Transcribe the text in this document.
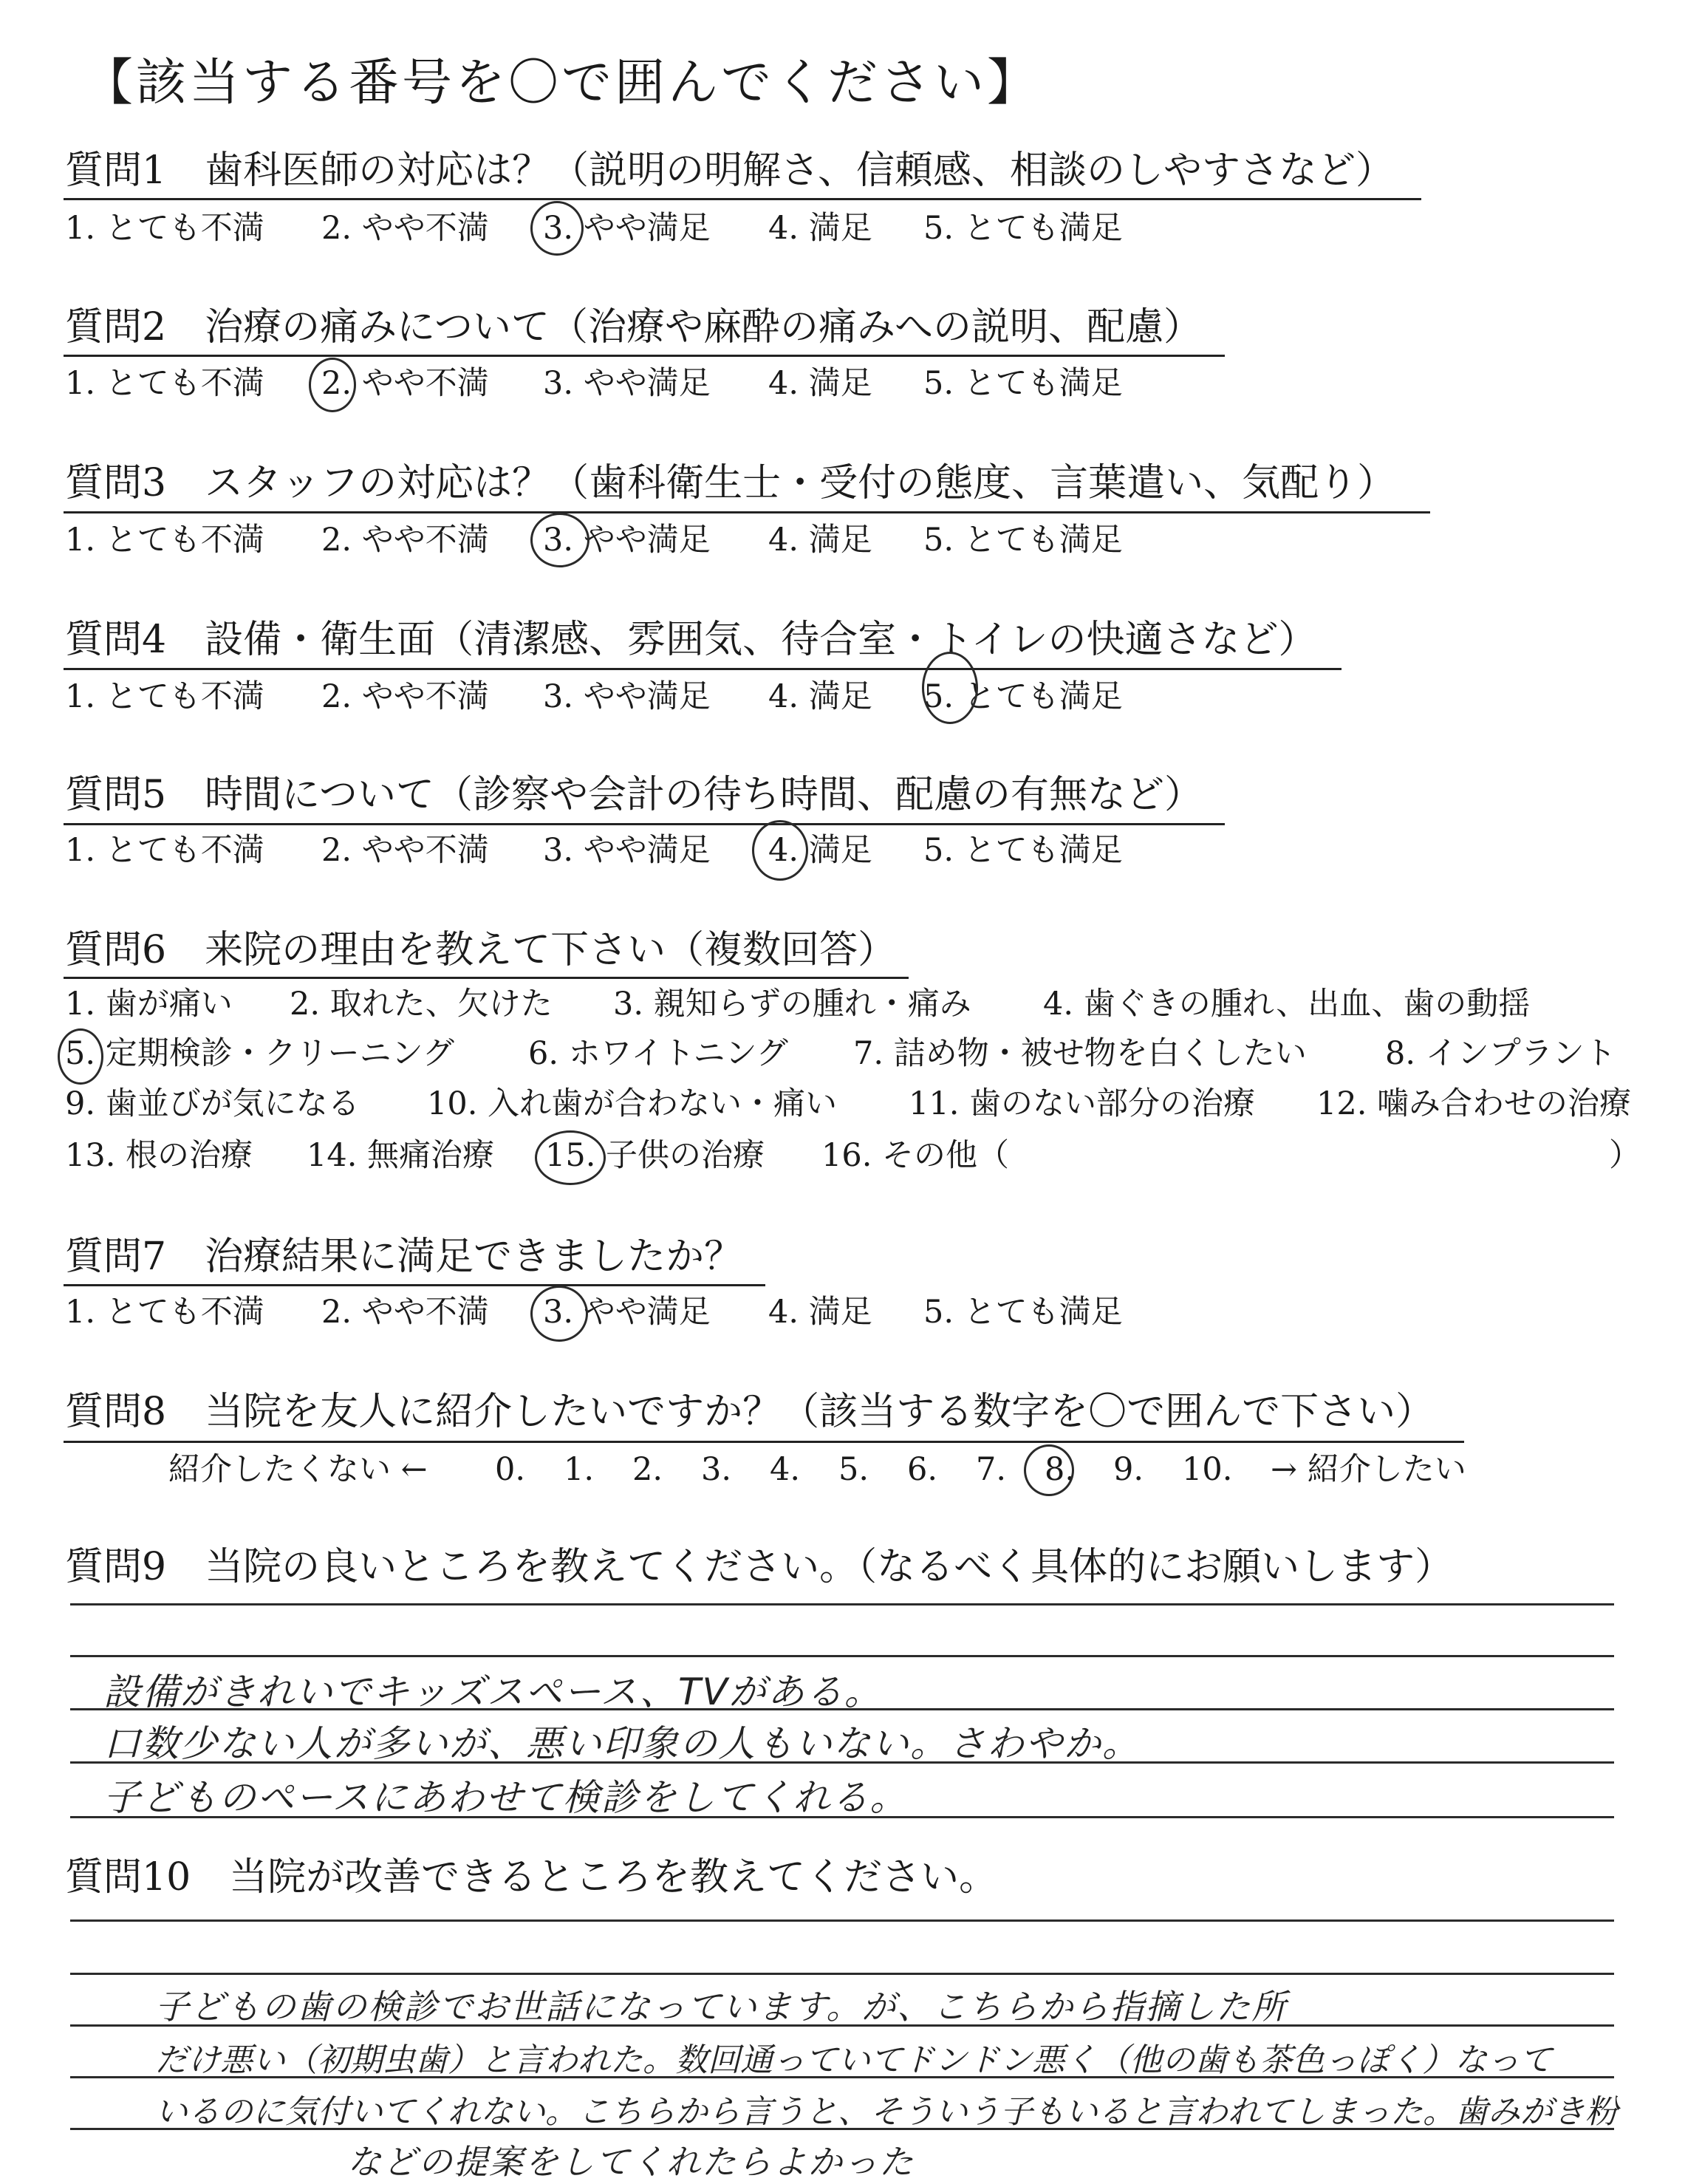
【該当する番号を〇で囲んでください】
質問1　歯科医師の対応は？（説明の明解さ、信頼感、相談のしやすさなど）
1. とても不満 2. やや不満 3. やや満足 4. 満足 5. とても満足
質問2　治療の痛みについて（治療や麻酔の痛みへの説明、配慮）
1. とても不満 2. やや不満 3. やや満足 4. 満足 5. とても満足
質問3　スタッフの対応は？（歯科衛生士・受付の態度、言葉遣い、気配り）
1. とても不満 2. やや不満 3. やや満足 4. 満足 5. とても満足
質問4　設備・衛生面（清潔感、雰囲気、待合室・トイレの快適さなど）
1. とても不満 2. やや不満 3. やや満足 4. 満足 5. とても満足
質問5　時間について（診察や会計の待ち時間、配慮の有無など）
1. とても不満 2. やや不満 3. やや満足 4. 満足 5. とても満足
質問6　来院の理由を教えて下さい（複数回答）
1. 歯が痛い 2. 取れた、欠けた 3. 親知らずの腫れ・痛み 4. 歯ぐきの腫れ、出血、歯の動揺
5. 定期検診・クリーニング 6. ホワイトニング 7. 詰め物・被せ物を白くしたい 8. インプラント
9. 歯並びが気になる 10. 入れ歯が合わない・痛い 11. 歯のない部分の治療 12. 噛み合わせの治療
13. 根の治療 14. 無痛治療 15. 子供の治療 16. その他（	）
質問7　治療結果に満足できましたか？
1. とても不満 2. やや不満 3. やや満足 4. 満足 5. とても満足
質問8　当院を友人に紹介したいですか？（該当する数字を〇で囲んで下さい）
紹介したくない ← 0. 1. 2. 3. 4. 5. 6. 7. 8. 9. 10. → 紹介したい
質問9　当院の良いところを教えてください。（なるべく具体的にお願いします）
設備がきれいでキッズスペース、TVがある。
口数少ない人が多いが、悪い印象の人もいない。さわやか。
子どものペースにあわせて検診をしてくれる。
質問10　当院が改善できるところを教えてください。
子どもの歯の検診でお世話になっています。が、こちらから指摘した所
だけ悪い（初期虫歯）と言われた。数回通っていてドンドン悪く（他の歯も茶色っぽく）なって
いるのに気付いてくれない。こちらから言うと、そういう子もいると言われてしまった。歯みがき粉
などの提案をしてくれたらよかった
